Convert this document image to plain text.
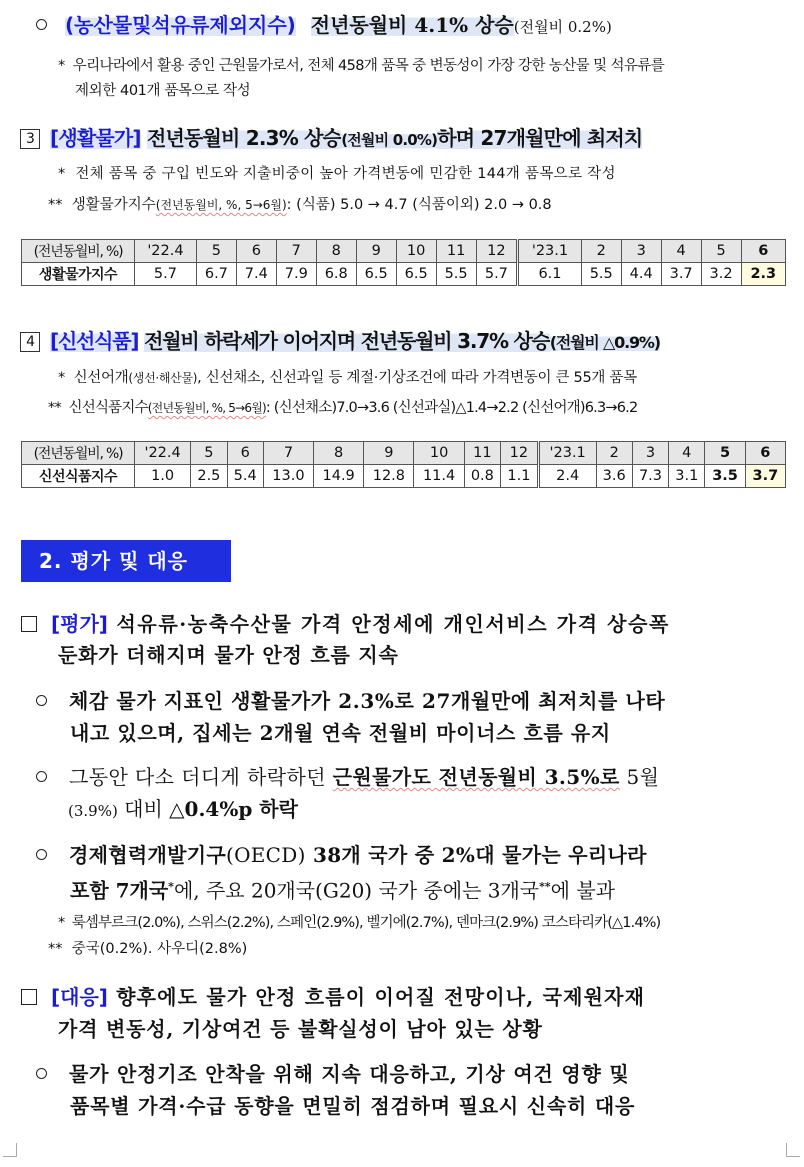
(농산물및석유류제외지수) 전년동월비 4.1% 상승(전월비 0.2%)
*  우리나라에서 활용 중인 근원물가로서, 전체 458개 품목 중 변동성이 가장 강한 농산물 및 석유류를
제외한 401개 품목으로 작성
3 [생활물가] 전년동월비 2.3% 상승(전월비 0.0%)하며 27개월만에 최저치
*  전체 품목 중 구입 빈도와 지출비중이 높아 가격변동에 민감한 144개 품목으로 작성
**  생활물가지수(전년동월비, %, 5→6월): (식품) 5.0 → 4.7 (식품이외) 2.0 → 0.8
(전년동월비, %)	'22.4	5	6	7	8	9	10	11	12	'23.1	2	3	4	5	6
생활물가지수	5.7	6.7	7.4	7.9	6.8	6.5	6.5	5.5	5.7	6.1	5.5	4.4	3.7	3.2	2.3
4 [신선식품] 전월비 하락세가 이어지며 전년동월비 3.7% 상승(전월비 △0.9%)
*  신선어개(생선·해산물), 신선채소, 신선과일 등 계절·기상조건에 따라 가격변동이 큰 55개 품목
**  신선식품지수(전년동월비, %, 5→6월): (신선채소)7.0→3.6 (신선과실)△1.4→2.2 (신선어개)6.3→6.2
(전년동월비, %)	'22.4	5	6	7	8	9	10	11	12	'23.1	2	3	4	5	6
신선식품지수	1.0	2.5	5.4	13.0	14.9	12.8	11.4	0.8	1.1	2.4	3.6	7.3	3.1	3.5	3.7
2. 평가 및 대응
[평가] 석유류·농축수산물 가격 안정세에 개인서비스 가격 상승폭
둔화가 더해지며 물가 안정 흐름 지속
체감 물가 지표인 생활물가가 2.3%로 27개월만에 최저치를 나타
내고 있으며, 집세는 2개월 연속 전월비 마이너스 흐름 유지
그동안 다소 더디게 하락하던 근원물가도 전년동월비 3.5%로 5월
(3.9%) 대비 △0.4%p 하락
경제협력개발기구(OECD) 38개 국가 중 2%대 물가는 우리나라
포함 7개국*에, 주요 20개국(G20) 국가 중에는 3개국**에 불과
*  룩셈부르크(2.0%), 스위스(2.2%), 스페인(2.9%), 벨기에(2.7%), 덴마크(2.9%) 코스타리카(△1.4%)
**  중국(0.2%). 사우디(2.8%)
[대응] 향후에도 물가 안정 흐름이 이어질 전망이나, 국제원자재
가격 변동성, 기상여건 등 불확실성이 남아 있는 상황
물가 안정기조 안착을 위해 지속 대응하고, 기상 여건 영향 및
품목별 가격·수급 동향을 면밀히 점검하며 필요시 신속히 대응
